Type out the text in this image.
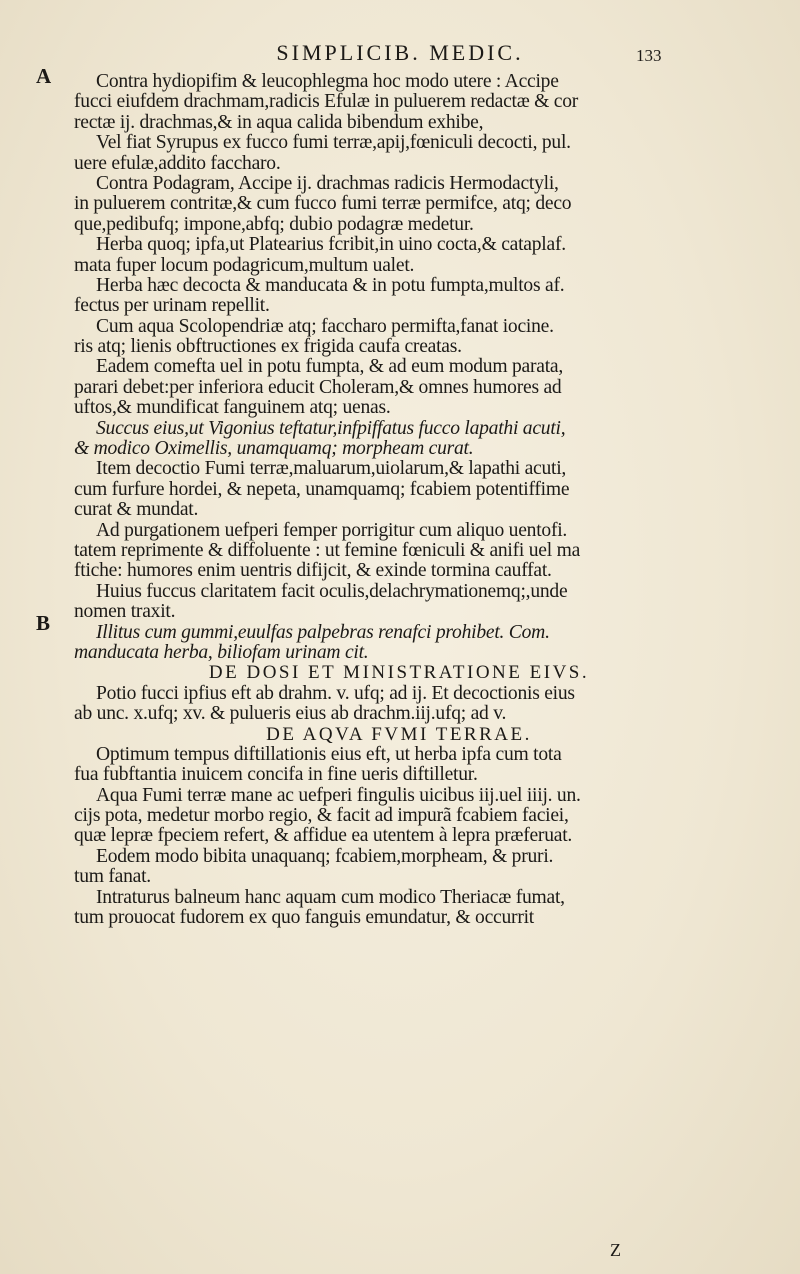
SIMPLICIB. MEDIC.	133
A
B
Contra hydiopifim & leucophlegma hoc modo utere : Accipe
fucci eiufdem drachmam,radicis Efulæ in puluerem redactæ & cor
rectæ ij. drachmas,& in aqua calida bibendum exhibe,
Vel fiat Syrupus ex fucco fumi terræ,apij,fœniculi decocti, pul.
uere efulæ,addito faccharo.
Contra Podagram, Accipe ij. drachmas radicis Hermodactyli,
in puluerem contritæ,& cum fucco fumi terræ permifce, atq; deco
que,pedibufq; impone,abfq; dubio podagræ medetur.
Herba quoq; ipfa,ut Platearius fcribit,in uino cocta,& cataplaf.
mata fuper locum podagricum,multum ualet.
Herba hæc decocta & manducata & in potu fumpta,multos af.
fectus per urinam repellit.
Cum aqua Scolopendriæ atq; faccharo permifta,fanat iocine.
ris atq; lienis obftructiones ex frigida caufa creatas.
Eadem comefta uel in potu fumpta, & ad eum modum parata,
parari debet:per inferiora educit Choleram,& omnes humores ad
uftos,& mundificat fanguinem atq; uenas.
Succus eius,ut Vigonius teftatur,infpiffatus fucco lapathi acuti,
& modico Oximellis, unamquamq; morpheam curat.
Item decoctio Fumi terræ,maluarum,uiolarum,& lapathi acuti,
cum furfure hordei, & nepeta, unamquamq; fcabiem potentiffime
curat & mundat.
Ad purgationem uefperi femper porrigitur cum aliquo uentofi.
tatem reprimente & diffoluente : ut femine fœniculi & anifi uel ma
ftiche: humores enim uentris difijcit, & exinde tormina cauffat.
Huius fuccus claritatem facit oculis,delachrymationemq;,unde
nomen traxit.
Illitus cum gummi,euulfas palpebras renafci prohibet. Com.
manducata herba, biliofam urinam cit.
DE DOSI ET MINISTRATIONE EIVS.
Potio fucci ipfius eft ab drahm. v. ufq; ad ij. Et decoctionis eius
ab unc. x.ufq; xv. & pulueris eius ab drachm.iij.ufq; ad v.
DE AQVA FVMI TERRAE.
Optimum tempus diftillationis eius eft, ut herba ipfa cum tota
fua fubftantia inuicem concifa in fine ueris diftilletur.
Aqua Fumi terræ mane ac uefperi fingulis uicibus iij.uel iiij. un.
cijs pota, medetur morbo regio, & facit ad impurã fcabiem faciei,
quæ lepræ fpeciem refert, & affidue ea utentem à lepra præferuat.
Eodem modo bibita unaquanq; fcabiem,morpheam, & pruri.
tum fanat.
Intraturus balneum hanc aquam cum modico Theriacæ fumat,
tum prouocat fudorem ex quo fanguis emundatur, & occurrit
Z
